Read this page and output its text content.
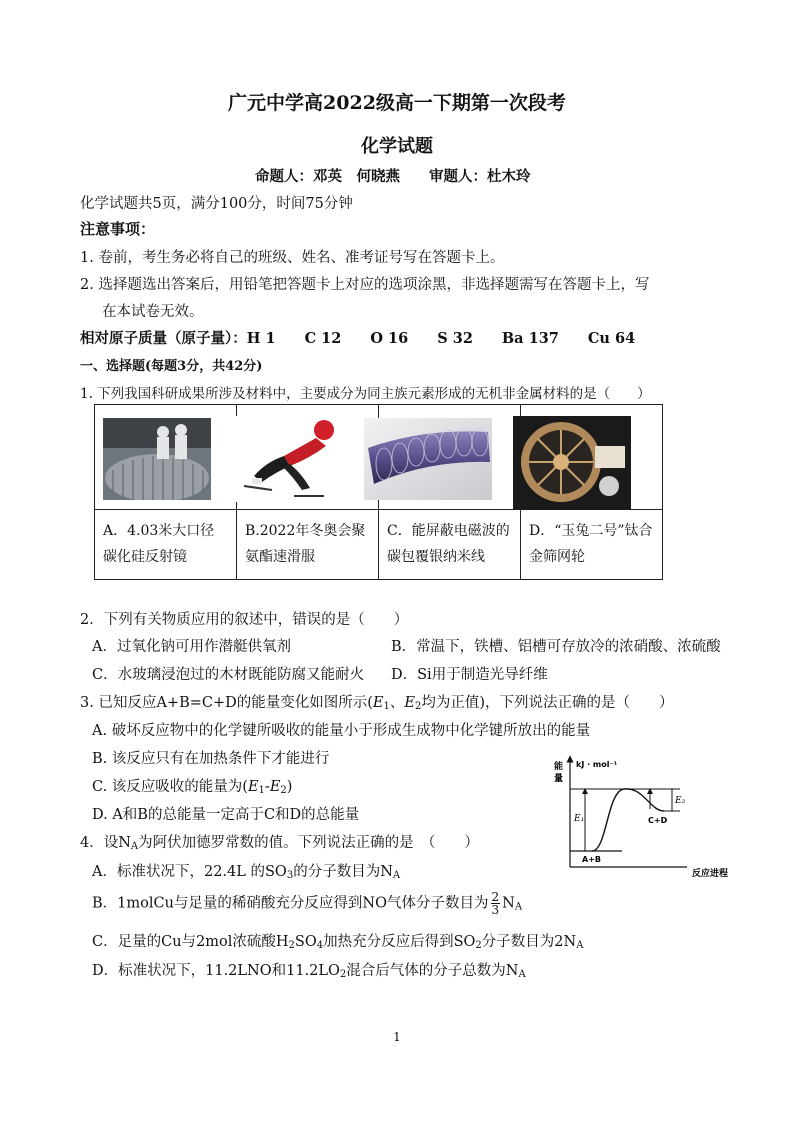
广元中学高2022级高一下期第一次段考
化学试题
命题人：邓英　何晓燕　　审题人：杜木玲
化学试题共5页，满分100分，时间75分钟
注意事项：
1. 卷前，考生务必将自己的班级、姓名、准考证号写在答题卡上。
2. 选择题选出答案后，用铅笔把答题卡上对应的选项涂黑，非选择题需写在答题卡上，写
在本试卷无效。
相对原子质量（原子量）：H 1　　C 12　　O 16　　S 32　　Ba 137　　Cu 64
一、选择题(每题3分，共42分)
1. 下列我国科研成果所涉及材料中，主要成分为同主族元素形成的无机非金属材料的是（　　）

A．4.03米大口径碳化硅反射镜	B.2022年冬奥会聚氨酯速滑服	C．能屏蔽电磁波的碳包覆银纳米线	D．“玉兔二号”钛合金筛网轮
2．下列有关物质应用的叙述中，错误的是（　　）
A．过氧化钠可用作潜艇供氧剂	B．常温下，铁槽、铝槽可存放冷的浓硝酸、浓硫酸
C．水玻璃浸泡过的木材既能防腐又能耐火 D．Si用于制造光导纤维
3. 已知反应A+B=C+D的能量变化如图所示($E_1$、$E_2$均为正值)，下列说法正确的是（　　）
A. 破坏反应物中的化学键所吸收的能量小于形成生成物中化学键所放出的能量
B. 该反应只有在加热条件下才能进行
C. 该反应吸收的能量为$(E_1-E_2)$
D. A和B的总能量一定高于C和D的总能量
能
量
kJ · mol⁻¹
E₁
E₂
A+B
C+D
反应进程
4．设$N_A$为阿伏加德罗常数的值。下列说法正确的是　（　　）
A．标准状况下，22.4L 的$SO_3$的分子数目为$N_A$
B．1molCu与足量的稀硝酸充分反应得到NO气体分子数目为 $\frac{2}{3} N_A$
C．足量的Cu与2mol浓硫酸$H_2SO_4$加热充分反应后得到$SO_2$分子数目为$2N_A$
D．标准状况下，11.2LNO和$11.2LO_2$混合后气体的分子总数为$N_A$
1
